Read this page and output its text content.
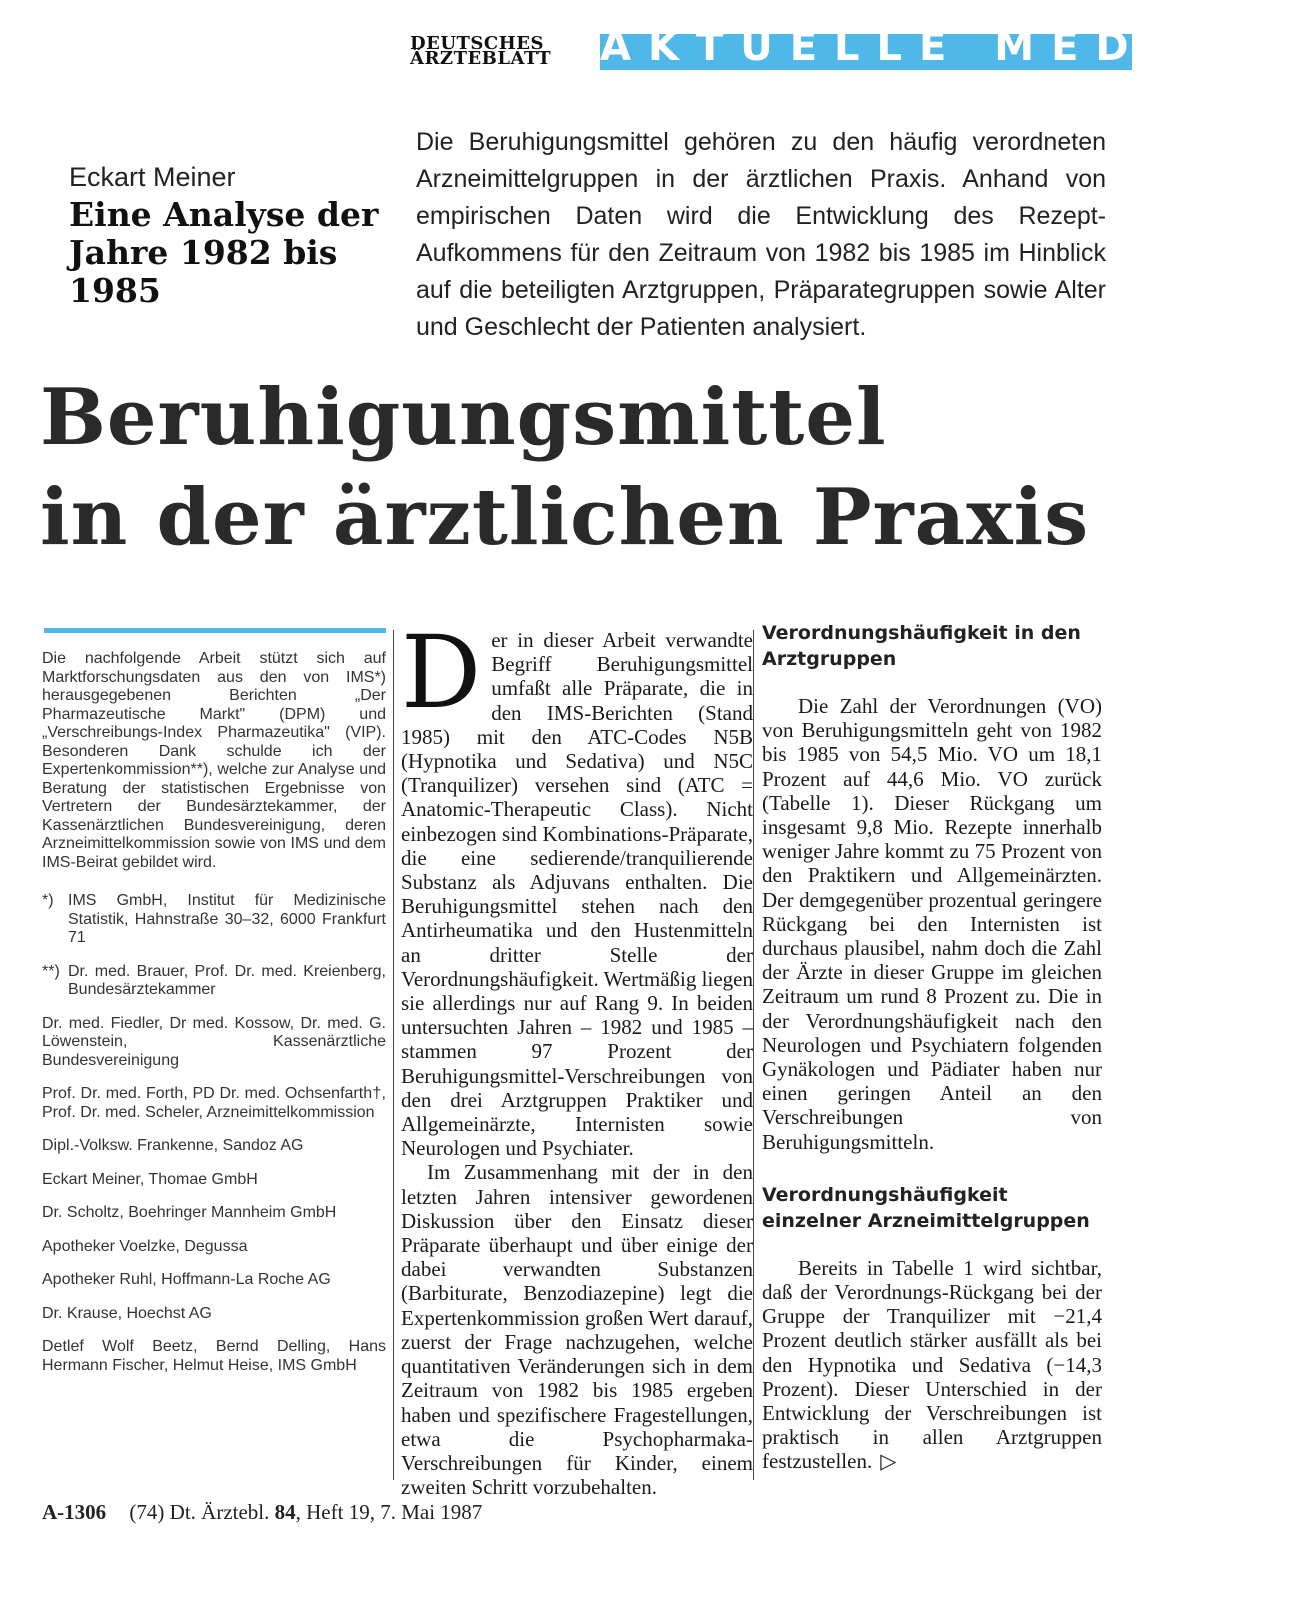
DEUTSCHES
ÄRZTEBLATT	AKTUELLE MEDIZIN
Eckart Meiner
Eine Analyse der Jahre 1982 bis 1985
Die Beruhigungsmittel gehören zu den häufig verordneten Arzneimittelgruppen in der ärztlichen Praxis. Anhand von empirischen Daten wird die Entwicklung des Rezept-Aufkommens für den Zeitraum von 1982 bis 1985 im Hinblick auf die beteiligten Arztgruppen, Präparategruppen sowie Alter und Geschlecht der Patienten analysiert.
Beruhigungsmittel
in der ärztlichen Praxis

Die nachfolgende Arbeit stützt sich auf Marktforschungsdaten aus den von IMS*) herausgegebenen Berichten „Der Pharmazeutische Markt" (DPM) und „Verschreibungs-Index Pharmazeutika" (VIP). Besonderen Dank schulde ich der Expertenkommission**), welche zur Analyse und Beratung der statistischen Ergebnisse von Vertretern der Bundesärztekammer, der Kassenärztlichen Bundesvereinigung, deren Arzneimittelkommission sowie von IMS und dem IMS-Beirat gebildet wird.

*) IMS GmbH, Institut für Medizinische Statistik, Hahnstraße 30–32, 6000 Frankfurt 71
**) Dr. med. Brauer, Prof. Dr. med. Kreienberg, Bundesärztekammer

Dr. med. Fiedler, Dr med. Kossow, Dr. med. G. Löwenstein, Kassenärztliche Bundesvereinigung

Prof. Dr. med. Forth, PD Dr. med. Ochsenfarth†, Prof. Dr. med. Scheler, Arzneimittelkommission

Dipl.-Volksw. Frankenne, Sandoz AG

Eckart Meiner, Thomae GmbH

Dr. Scholtz, Boehringer Mannheim GmbH

Apotheker Voelzke, Degussa

Apotheker Ruhl, Hoffmann-La Roche AG

Dr. Krause, Hoechst AG

Detlef Wolf Beetz, Bernd Delling, Hans Hermann Fischer, Helmut Heise, IMS GmbH

Der in dieser Arbeit verwandte Begriff Beruhigungsmittel umfaßt alle Präparate, die in den IMS-Berichten (Stand 1985) mit den ATC-Codes N5B (Hypnotika und Sedativa) und N5C (Tranquilizer) versehen sind (ATC = Anatomic-Therapeutic Class). Nicht einbezogen sind Kombinations-Präparate, die eine sedierende/tranquilierende Substanz als Adjuvans enthalten. Die Beruhigungsmittel stehen nach den Antirheumatika und den Hustenmitteln an dritter Stelle der Verordnungshäufigkeit. Wertmäßig liegen sie allerdings nur auf Rang 9. In beiden untersuchten Jahren – 1982 und 1985 – stammen 97 Prozent der Beruhigungsmittel-Verschreibungen von den drei Arztgruppen Praktiker und Allgemeinärzte, Internisten sowie Neurologen und Psychiater.

Im Zusammenhang mit der in den letzten Jahren intensiver gewordenen Diskussion über den Einsatz dieser Präparate überhaupt und über einige der dabei verwandten Substanzen (Barbiturate, Benzodiazepine) legt die Expertenkommission großen Wert darauf, zuerst der Frage nachzugehen, welche quantitativen Veränderungen sich in dem Zeitraum von 1982 bis 1985 ergeben haben und spezifischere Fragestellungen, etwa die Psychopharmaka-Verschreibungen für Kinder, einem zweiten Schritt vorzubehalten.

Verordnungshäufigkeit in den Arztgruppen

Die Zahl der Verordnungen (VO) von Beruhigungsmitteln geht von 1982 bis 1985 von 54,5 Mio. VO um 18,1 Prozent auf 44,6 Mio. VO zurück (Tabelle 1). Dieser Rückgang um insgesamt 9,8 Mio. Rezepte innerhalb weniger Jahre kommt zu 75 Prozent von den Praktikern und Allgemeinärzten. Der demgegenüber prozentual geringere Rückgang bei den Internisten ist durchaus plausibel, nahm doch die Zahl der Ärzte in dieser Gruppe im gleichen Zeitraum um rund 8 Prozent zu. Die in der Verordnungshäufigkeit nach den Neurologen und Psychiatern folgenden Gynäkologen und Pädiater haben nur einen geringen Anteil an den Verschreibungen von Beruhigungsmitteln.

Verordnungshäufigkeit einzelner Arzneimittelgruppen

Bereits in Tabelle 1 wird sichtbar, daß der Verordnungs-Rückgang bei der Gruppe der Tranquilizer mit −21,4 Prozent deutlich stärker ausfällt als bei den Hypnotika und Sedativa (−14,3 Prozent). Dieser Unterschied in der Entwicklung der Verschreibungen ist praktisch in allen Arztgruppen festzustellen. ▷

A-1306 (74) Dt. Ärztebl. 84, Heft 19, 7. Mai 1987
